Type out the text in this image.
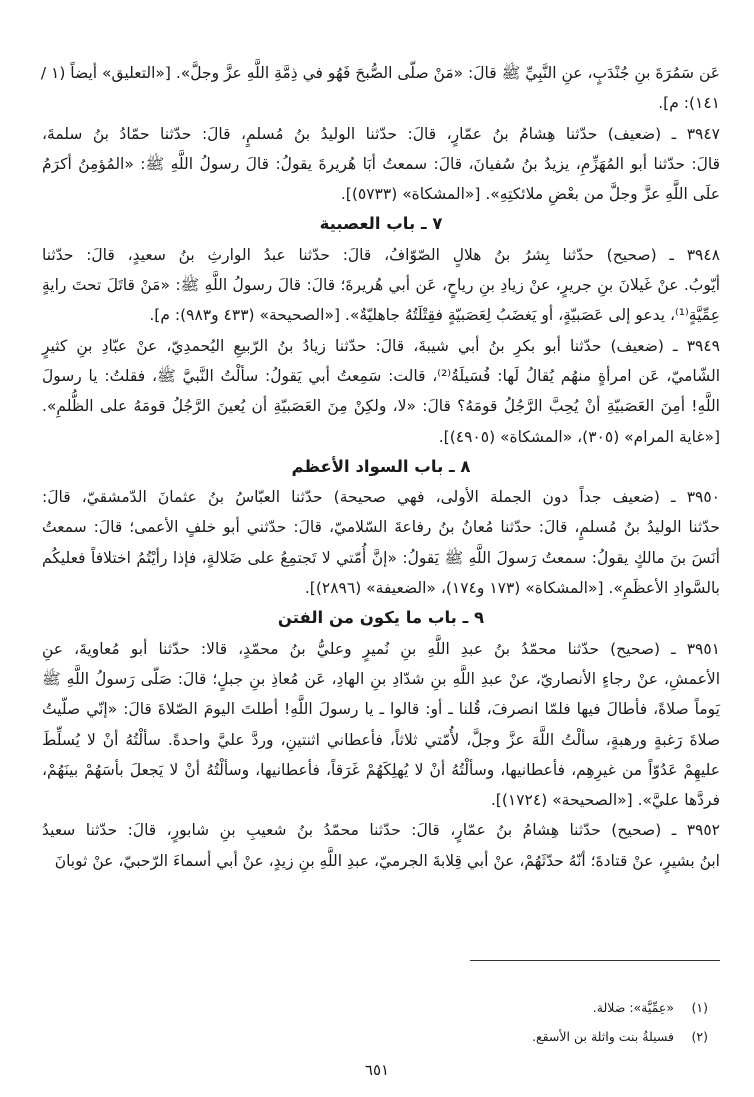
عَن سَمُرَةَ بنِ جُنْدَبٍ، عنِ النَّبِيِّ ﷺ قالَ: «مَنْ صلّى الصُّبحَ فَهُو في ذِمَّةِ اللَّهِ عزَّ وجلَّ». [«التعليق» أيضاً (١ /
١٤١): م].
٣٩٤٧ ـ (ضعيف) حدّثنا هِشامُ بنُ عمّارٍ، قالَ: حدّثنا الوليدُ بنُ مُسلمٍ، قالَ: حدّثنا حمّادُ بنُ سلمةَ،
قالَ: حدّثنا أبو المُهَزِّمِ، يزيدُ بنُ سُفيانَ، قالَ: سمعتُ أبَا هُريرةَ يقولُ: قالَ رسولُ اللَّهِ ﷺ: «المُؤمِنُ أكرَمُ
علَى اللَّهِ عزَّ وجلَّ من بعْضِ ملائكتِهِ». [«المشكاة» (٥٧٣٣)].
٧ ـ باب العصبية
٣٩٤٨ ـ (صحيح) حدّثنا بِشرُ بنُ هلالٍ الصّوّافُ، قالَ: حدّثنا عبدُ الوارثِ بنُ سعيدٍ، قالَ: حدّثنا
أيّوبُ. عنْ غَيلانَ بنِ جريرٍ، عنْ زيادِ بنِ رياحٍ، عَن أبي هُريرةَ؛ قالَ: قالَ رسولُ اللَّهِ ﷺ: «مَنْ قاتَلَ تحتَ رايةٍ
عِمِّيَّةٍ⁽¹⁾، يدعو إلى عَصَبيّةٍ، أو يَغضَبُ لِعَصَبيّةٍ فقِتْلَتُهُ جاهليّةٌ». [«الصحيحة» (٤٣٣ و٩٨٣): م].
٣٩٤٩ ـ (ضعيف) حدّثنا أبو بكرِ بنُ أبي شيبةَ، قالَ: حدّثنا زيادُ بنُ الرّبيعِ اليُحمدِيّ، عنْ عبّادِ بنِ كثيرٍ
الشّاميّ، عَن امرأةٍ منهُم يُقالُ لَها: فُسَيلَةُ⁽²⁾، قالت: سَمِعتُ أبي يَقولُ: سألْتُ النَّبيَّ ﷺ، فقلتُ: يا رسولَ
اللَّهِ! أمِنَ العَصَبيّةِ أنْ يُحِبَّ الرَّجُلُ قومَهُ؟ قالَ: «لا، ولكِنْ مِنَ العَصَبيّةِ أن يُعينَ الرَّجُلُ قومَهُ على الظُّلمِ».
[«غاية المرام» (٣٠٥)، «المشكاة» (٤٩٠٥)].
٨ ـ باب السواد الأعظم
٣٩٥٠ ـ (ضعيف جداً دون الجملة الأولى، فهي صحيحة) حدّثنا العبّاسُ بنُ عثمانَ الدّمشقيّ، قالَ:
حدّثنا الوليدُ بنُ مُسلمٍ، قالَ: حدّثنا مُعانُ بنُ رفاعةَ السّلاميّ، قالَ: حدّثني أبو خلفٍ الأعمى؛ قالَ: سمعتُ
أنَسَ بنَ مالكٍ يقولُ: سمعتُ رَسولَ اللَّهِ ﷺ يَقولُ: «إنَّ أُمّتي لا تَجتمِعُ على ضَلالةٍ، فإذا رأيْتُمُ اختلافاً فعليكُم
بالسَّوادِ الأعظَمِ». [«المشكاة» (١٧٣ و١٧٤)، «الضعيفة» (٢٨٩٦)].
٩ ـ باب ما يكون من الفتن
٣٩٥١ ـ (صحيح) حدّثنا محمّدُ بنُ عبدِ اللَّهِ بنِ نُميرٍ وعليُّ بنُ محمّدٍ، قالا: حدّثنا أبو مُعاويةَ، عنِ
الأعمشِ، عنْ رجاءٍ الأنصاريّ، عنْ عبدِ اللَّهِ بنِ شدّادِ بنِ الهادِ، عَن مُعاذِ بنِ جبلٍ؛ قالَ: صَلّى رَسولُ اللَّهِ ﷺ
يَوماً صلاةً، فأطالَ فيها فلمّا انصرفَ، قُلنا ـ أو: قالوا ـ يا رسولَ اللَّهِ! أطلتَ اليومَ الصّلاةَ قالَ: «إنّي صلّيتُ
صلاةَ رَغبةٍ ورهبةٍ، سألْتُ اللَّهَ عزَّ وجلَّ، لأُمّتي ثلاثاً، فأعطاني اثنتينِ، وردَّ عليَّ واحدةً. سألْتُهُ أنْ لا يُسلِّطَ
عليهِمْ عَدُوّاً من غيرِهِم، فأعطانيها، وسألْتُهُ أنْ لا يُهلِكَهُمْ غَرَقاً، فأعطانيها، وسألْتُهُ أنْ لا يَجعلَ بأسَهُمْ بينَهُمْ،
فردَّها عليَّ». [«الصحيحة» (١٧٢٤)].
٣٩٥٢ ـ (صحيح) حدّثنا هِشامُ بنُ عمّارٍ، قالَ: حدّثنا محمّدُ بنُ شعيبِ بنِ شابورٍ، قالَ: حدّثنا سعيدُ
ابنُ بشيرٍ، عنْ قتادةَ؛ أنّهُ حدّثَهُمْ، عنْ أبي قِلابةَ الجرميّ، عبدِ اللَّهِ بنِ زيدٍ، عنْ أبي أسماءَ الرّحبيّ، عنْ ثوبانَ
(١)«عِمِّيَّة»: ضلالة.
(٢)فسيلةُ بنت واثلة بن الأسقع.
٦٥١
